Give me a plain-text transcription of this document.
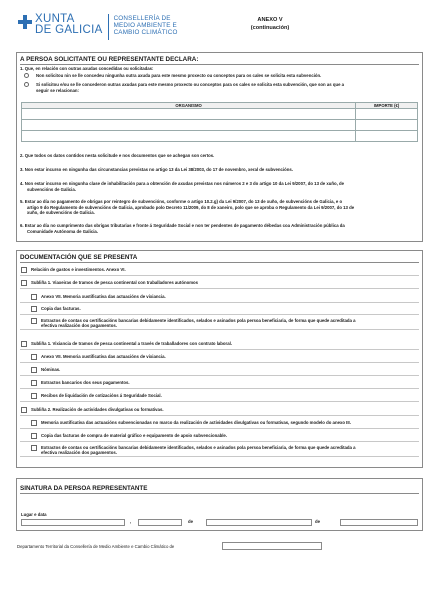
XUNTA
DE GALICIA
CONSELLERÍA DE
MEDIO AMBIENTE E
CAMBIO CLIMÁTICO
ANEXO V
(continuación)
A PERSOA SOLICITANTE OU REPRESENTANTE DECLARA:
1. Que, en relación con outras axudas concedidas ou solicitadas:
Non solicitou nin se lle concedeu ningunha outra axuda para este mesmo proxecto ou conceptos para os cales se solicita esta subvención.
Si solicitou e/ou se lle concederon outras axudas para este mesmo proxecto ou conceptos para os cales se solicita esta subvención, que son as que a
seguir se relacionan:
ORGANISMO	IMPORTE (€)

2. Que todos os datos contidos nesta solicitude e nos documentos que se achegan son certos.
3. Non estar incurso en ningunha das circunstancias previstas no artigo 13 da Lei 38/2003, do 17 de novembro, xeral de subvencións.
4. Non estar incurso en ningunha clase de inhabilitación para a obtención de axudas previstas nos números 2 e 3 do artigo 10 da Lei 9/2007, do 13 de xuño, de
subvencións de Galicia.
5. Estar ao día no pagamento de obrigas por reintegro de subvencións, conforme o artigo 10.2.g) da Lei 9/2007, do 13 de xuño, de subvencións de Galicia, e o
artigo 9 do Regulamento de subvencións de Galicia, aprobado polo Decreto 11/2009, do 8 de xaneiro, polo que se aproba o Regulamento da Lei 9/2007, do 13 de
xuño, de subvencións de Galicia.
6. Estar ao día no cumprimento das obrigas tributarias e fronte á Seguridade Social e non ter pendentes de pagamento débedas coa Administración pública da
Comunidade Autónoma de Galicia.
DOCUMENTACIÓN QUE SE PRESENTA
Relación de gastos e investimentos. Anexo VI.
Subliña 1. Viaxeiras de tramos de pesca continental con traballadores autónomos
Anexo VII. Memoria xustificativa das actuacións de vixiancia.
Copia das facturas.
Extractos de contas ou certificacións bancarias debidamente identificados, selados e asinados pola persoa beneficiaria, de forma que quede acreditada a
efectiva realización dos pagamentos.
Subliña 1. Vixiancia de tramos de pesca continental a través de traballadores con contrato laboral.
Anexo VII. Memoria xustificativa das actuacións de vixiancia.
Nóminas.
Extractos bancarios dos seus pagamentos.
Recibos de liquidación de cotizacións á Seguridade Social.
Subliña 2. Realización de actividades divulgativas ou formativas.
Memoria xustificativa das actuacións subvencionadas no marco da realización de actividades divulgativas ou formativas, segundo modelo do anexo III.
Copia das facturas de compra de material gráfico e equipamento de apoio subvencionable.
Extractos de contas ou certificacións bancarias debidamente identificados, selados e asinados pola persoa beneficiaria, de forma que quede acreditada a
efectiva realización dos pagamentos.
SINATURA DA PERSOA REPRESENTANTE
Lugar e data
,	de	de
Departamento Territorial da Consellería de Medio Ambiente e Cambio Climático de
